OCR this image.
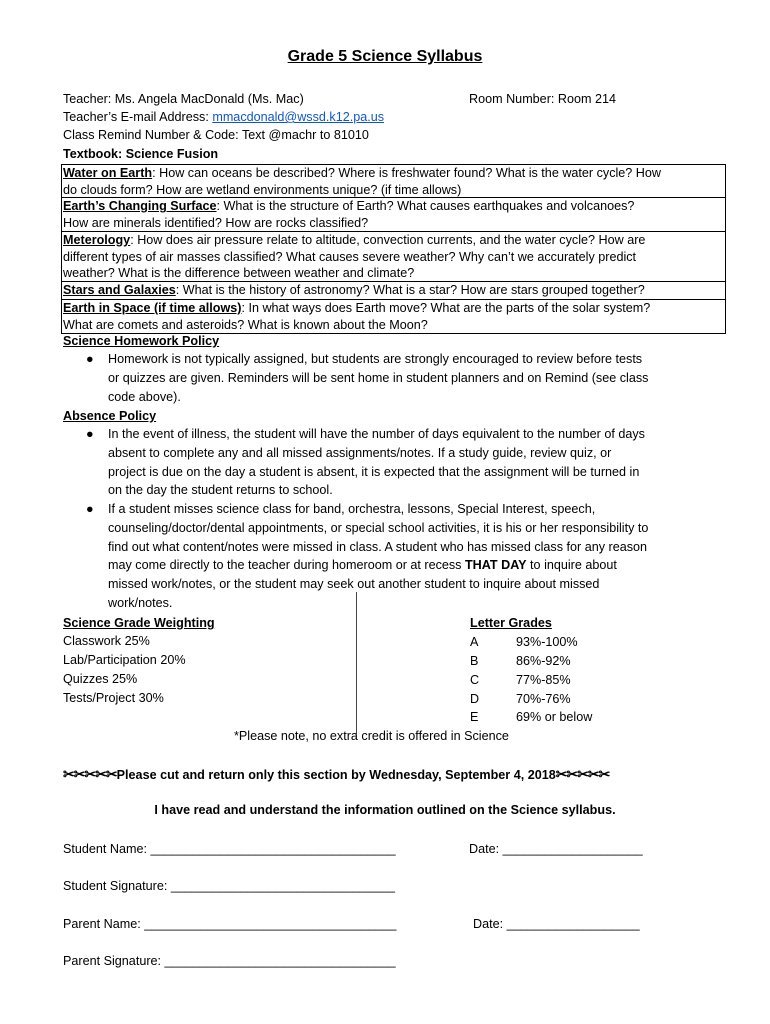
Grade 5 Science Syllabus
Teacher: Ms. Angela MacDonald (Ms. Mac)	Room Number: Room 214
Teacher’s E-mail Address: mmacdonald@wssd.k12.pa.us
Class Remind Number & Code: Text @machr to 81010
Textbook: Science Fusion
Water on Earth: How can oceans be described? Where is freshwater found? What is the water cycle? How
do clouds form? How are wetland environments unique? (if time allows)
Earth’s Changing Surface: What is the structure of Earth? What causes earthquakes and volcanoes?
How are minerals identified? How are rocks classified?
Meterology: How does air pressure relate to altitude, convection currents, and the water cycle? How are
different types of air masses classified? What causes severe weather? Why can’t we accurately predict
weather? What is the difference between weather and climate?
Stars and Galaxies: What is the history of astronomy? What is a star? How are stars grouped together?
Earth in Space (if time allows): In what ways does Earth move? What are the parts of the solar system?
What are comets and asteroids? What is known about the Moon?
Science Homework Policy
● Homework is not typically assigned, but students are strongly encouraged to review before tests
or quizzes are given. Reminders will be sent home in student planners and on Remind (see class
code above).
Absence Policy
● In the event of illness, the student will have the number of days equivalent to the number of days
absent to complete any and all missed assignments/notes. If a study guide, review quiz, or
project is due on the day a student is absent, it is expected that the assignment will be turned in
on the day the student returns to school.
● If a student misses science class for band, orchestra, lessons, Special Interest, speech,
counseling/doctor/dental appointments, or special school activities, it is his or her responsibility to
find out what content/notes were missed in class. A student who has missed class for any reason
may come directly to the teacher during homeroom or at recess THAT DAY to inquire about
missed work/notes, or the student may seek out another student to inquire about missed
work/notes.
Science Grade Weighting
Classwork 25%
Lab/Participation 20%
Quizzes 25%
Tests/Project 30%
Letter Grades
A	93%-100%
B	86%-92%
C	77%-85%
D	70%-76%
E	69% or below
*Please note, no extra credit is offered in Science
✂✂✂✂✂Please cut and return only this section by Wednesday, September 4, 2018✂✂✂✂✂
I have read and understand the information outlined on the Science syllabus.
Student Name: ___________________________________	Date: ____________________
Student Signature: ________________________________
Parent Name: ____________________________________	Date: ___________________
Parent Signature: _________________________________
